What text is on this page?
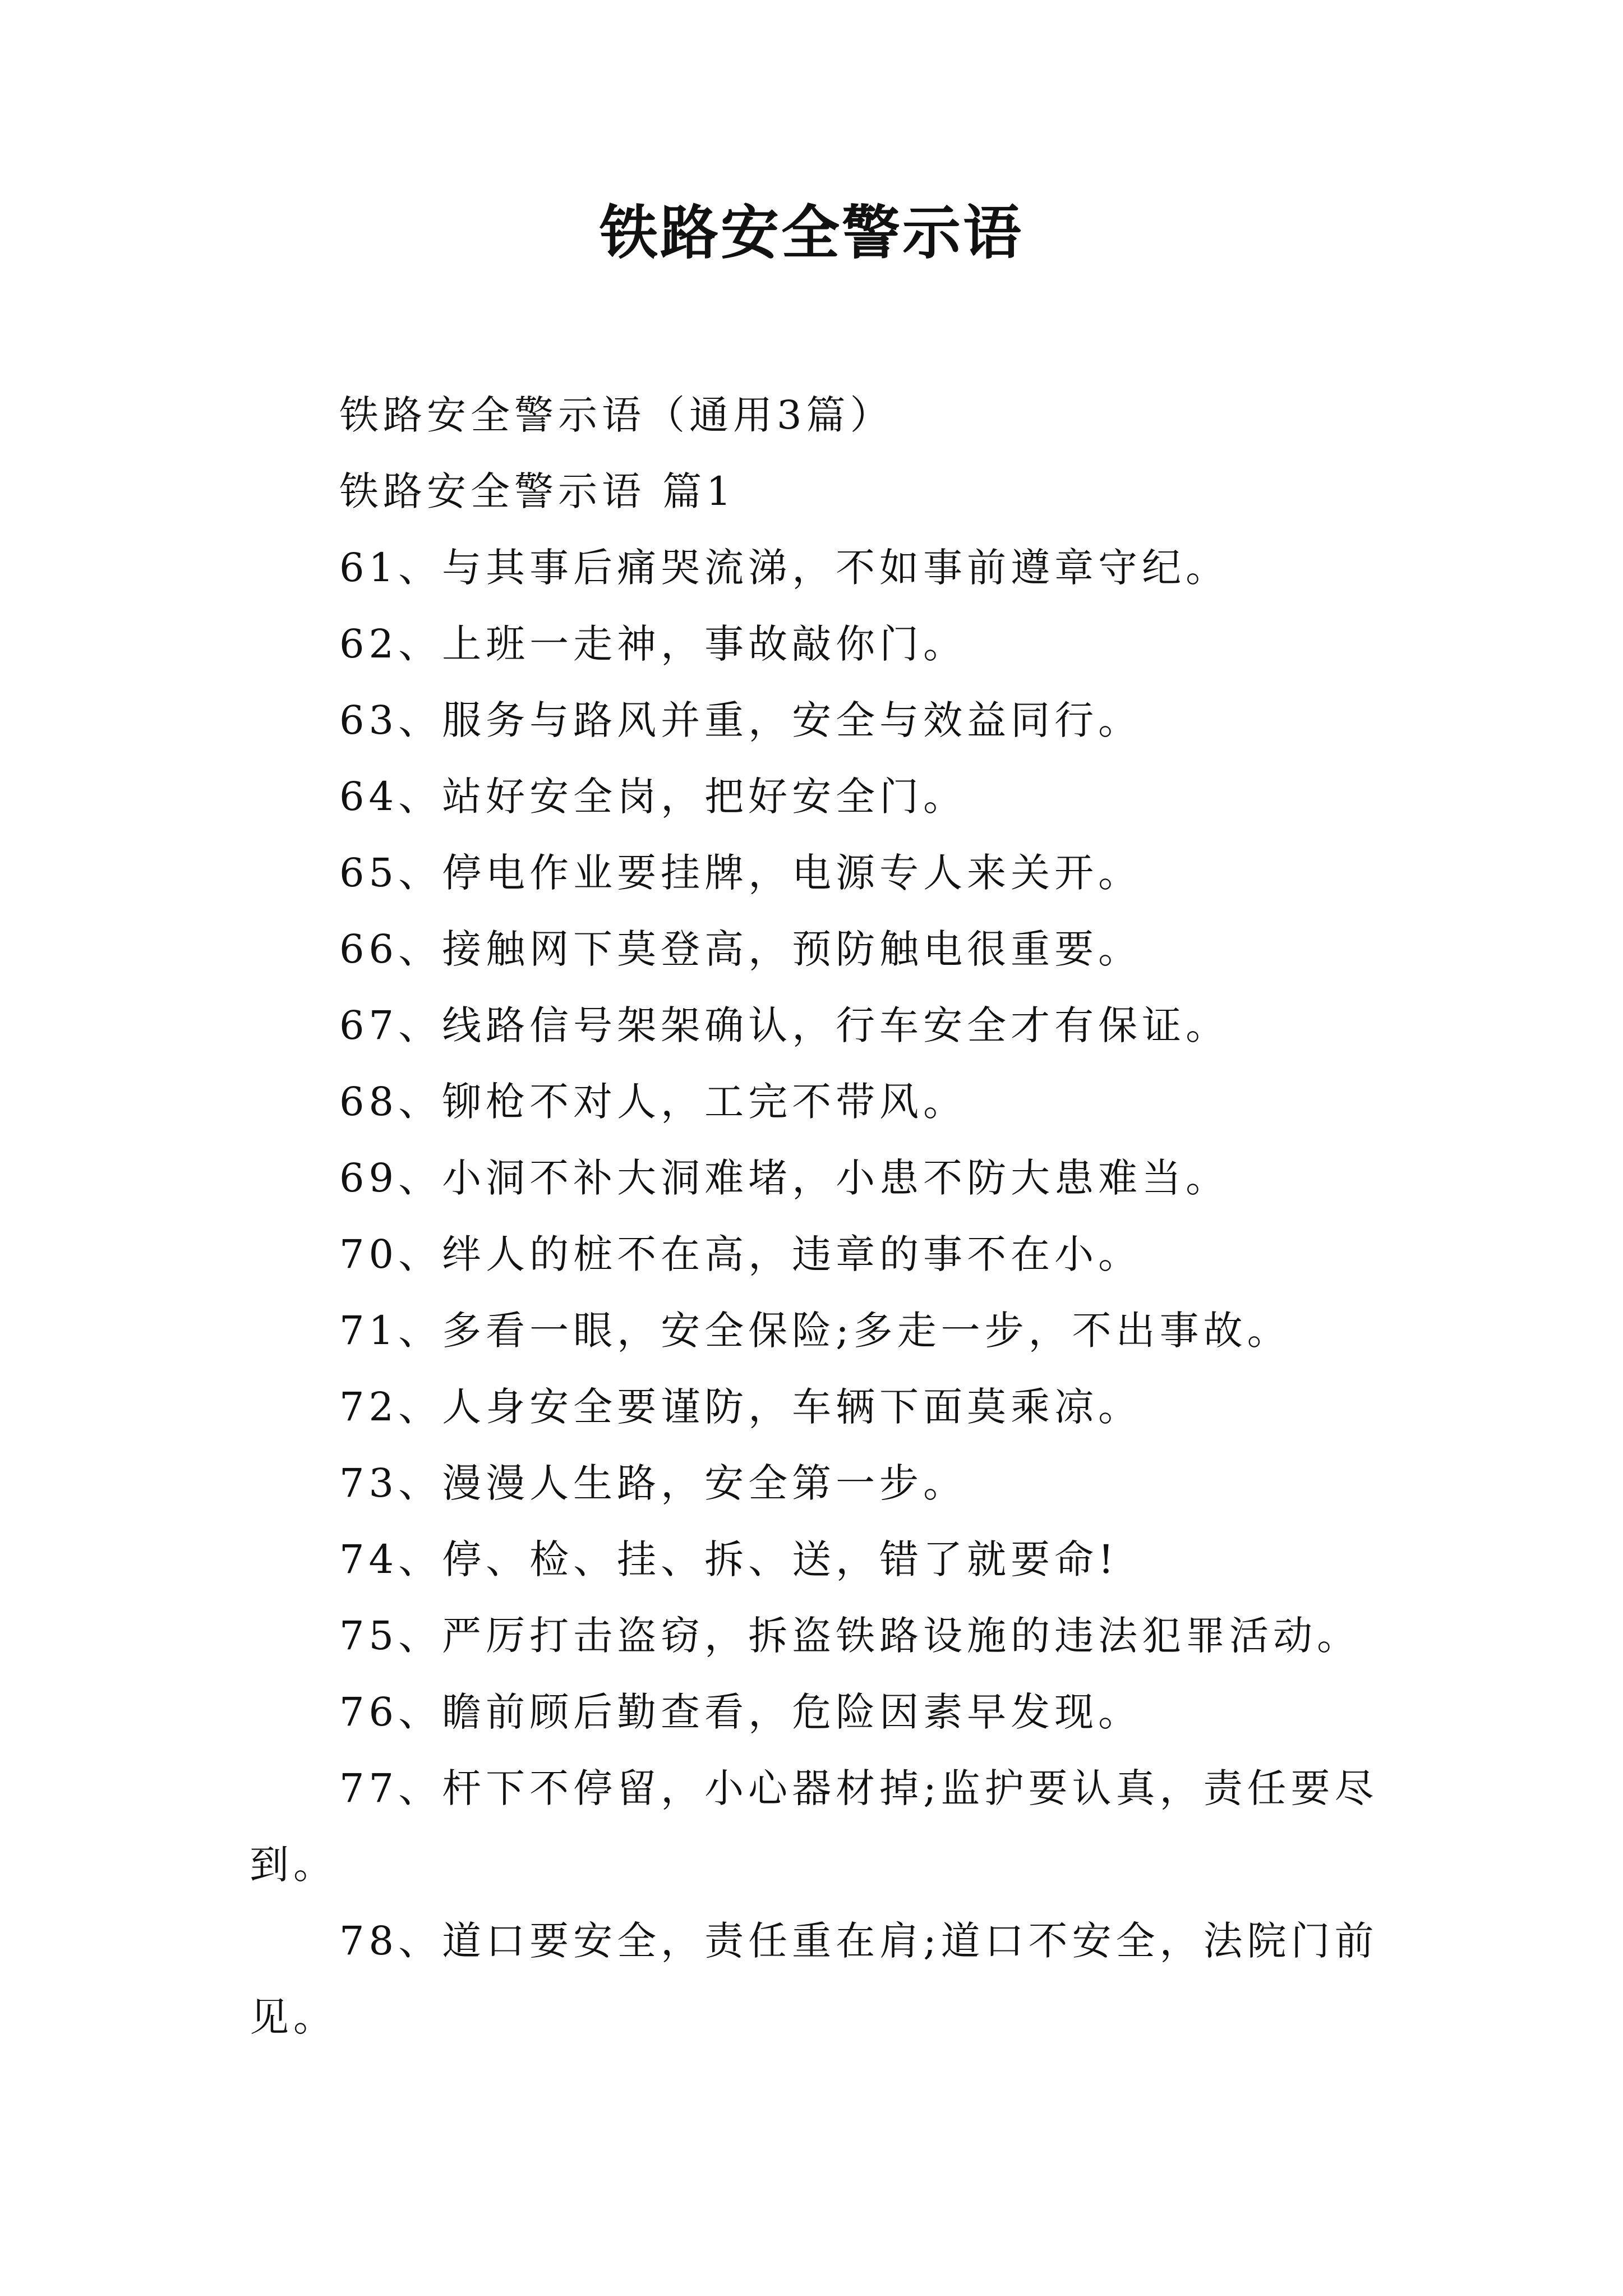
铁路安全警示语

铁路安全警示语（通用3篇）

铁路安全警示语 篇1

61、与其事后痛哭流涕，不如事前遵章守纪。

62、上班一走神，事故敲你门。

63、服务与路风并重，安全与效益同行。

64、站好安全岗，把好安全门。

65、停电作业要挂牌，电源专人来关开。

66、接触网下莫登高，预防触电很重要。

67、线路信号架架确认，行车安全才有保证。

68、铆枪不对人，工完不带风。

69、小洞不补大洞难堵，小患不防大患难当。

70、绊人的桩不在高，违章的事不在小。

71、多看一眼，安全保险;多走一步，不出事故。

72、人身安全要谨防，车辆下面莫乘凉。

73、漫漫人生路，安全第一步。

74、停、检、挂、拆、送，错了就要命!

75、严厉打击盗窃，拆盗铁路设施的违法犯罪活动。

76、瞻前顾后勤查看，危险因素早发现。

77、杆下不停留，小心器材掉;监护要认真，责任要尽到。

78、道口要安全，责任重在肩;道口不安全，法院门前见。
